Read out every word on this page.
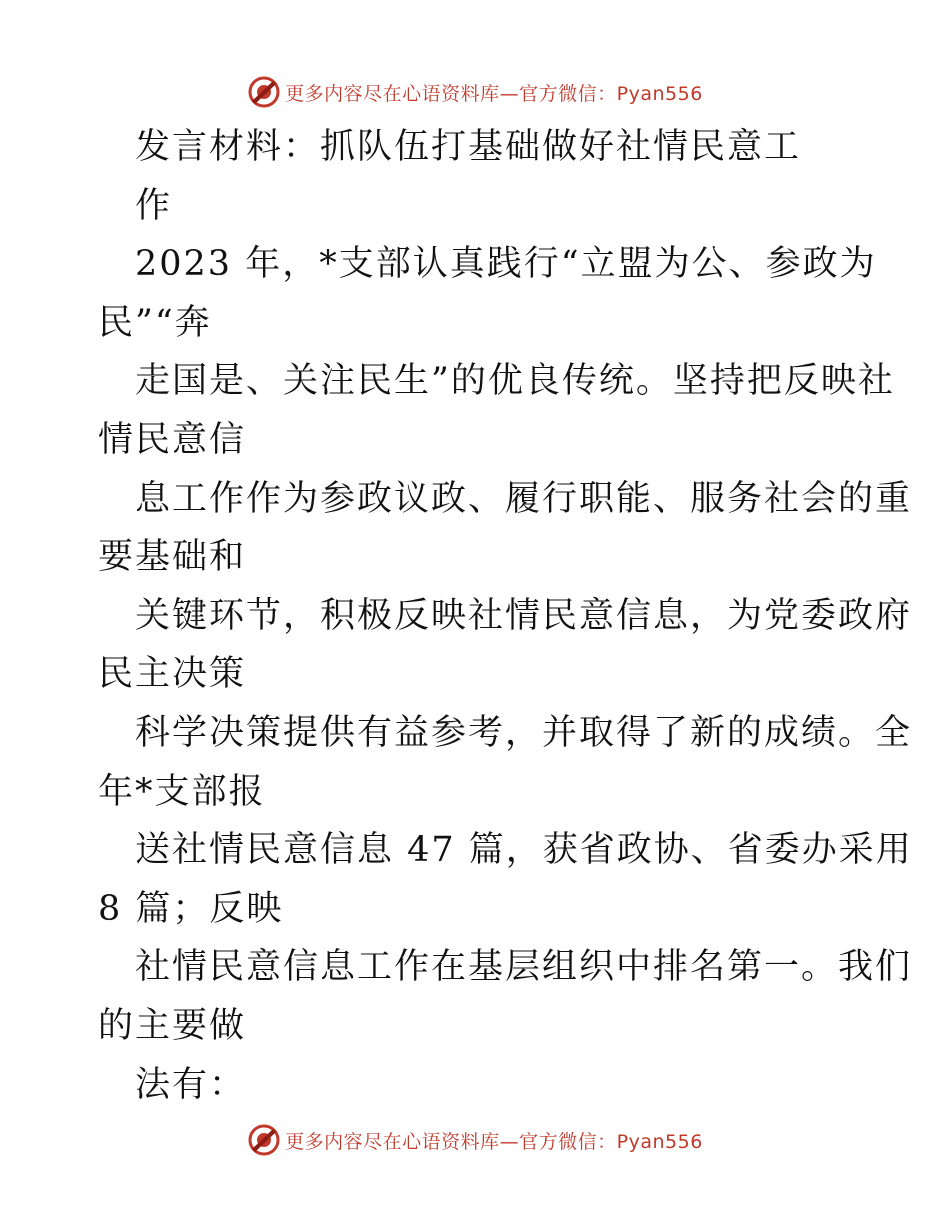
更多内容尽在心语资料库—官方微信：Pyan556
发言材料：抓队伍打基础做好社情民意工
作
2023 年，*支部认真践行“立盟为公、参政为
民”“奔
走国是、关注民生”的优良传统。坚持把反映社
情民意信
息工作作为参政议政、履行职能、服务社会的重
要基础和
关键环节，积极反映社情民意信息，为党委政府
民主决策
科学决策提供有益参考，并取得了新的成绩。全
年*支部报
送社情民意信息 47 篇，获省政协、省委办采用
8 篇；反映
社情民意信息工作在基层组织中排名第一。我们
的主要做
法有：
更多内容尽在心语资料库—官方微信：Pyan556
